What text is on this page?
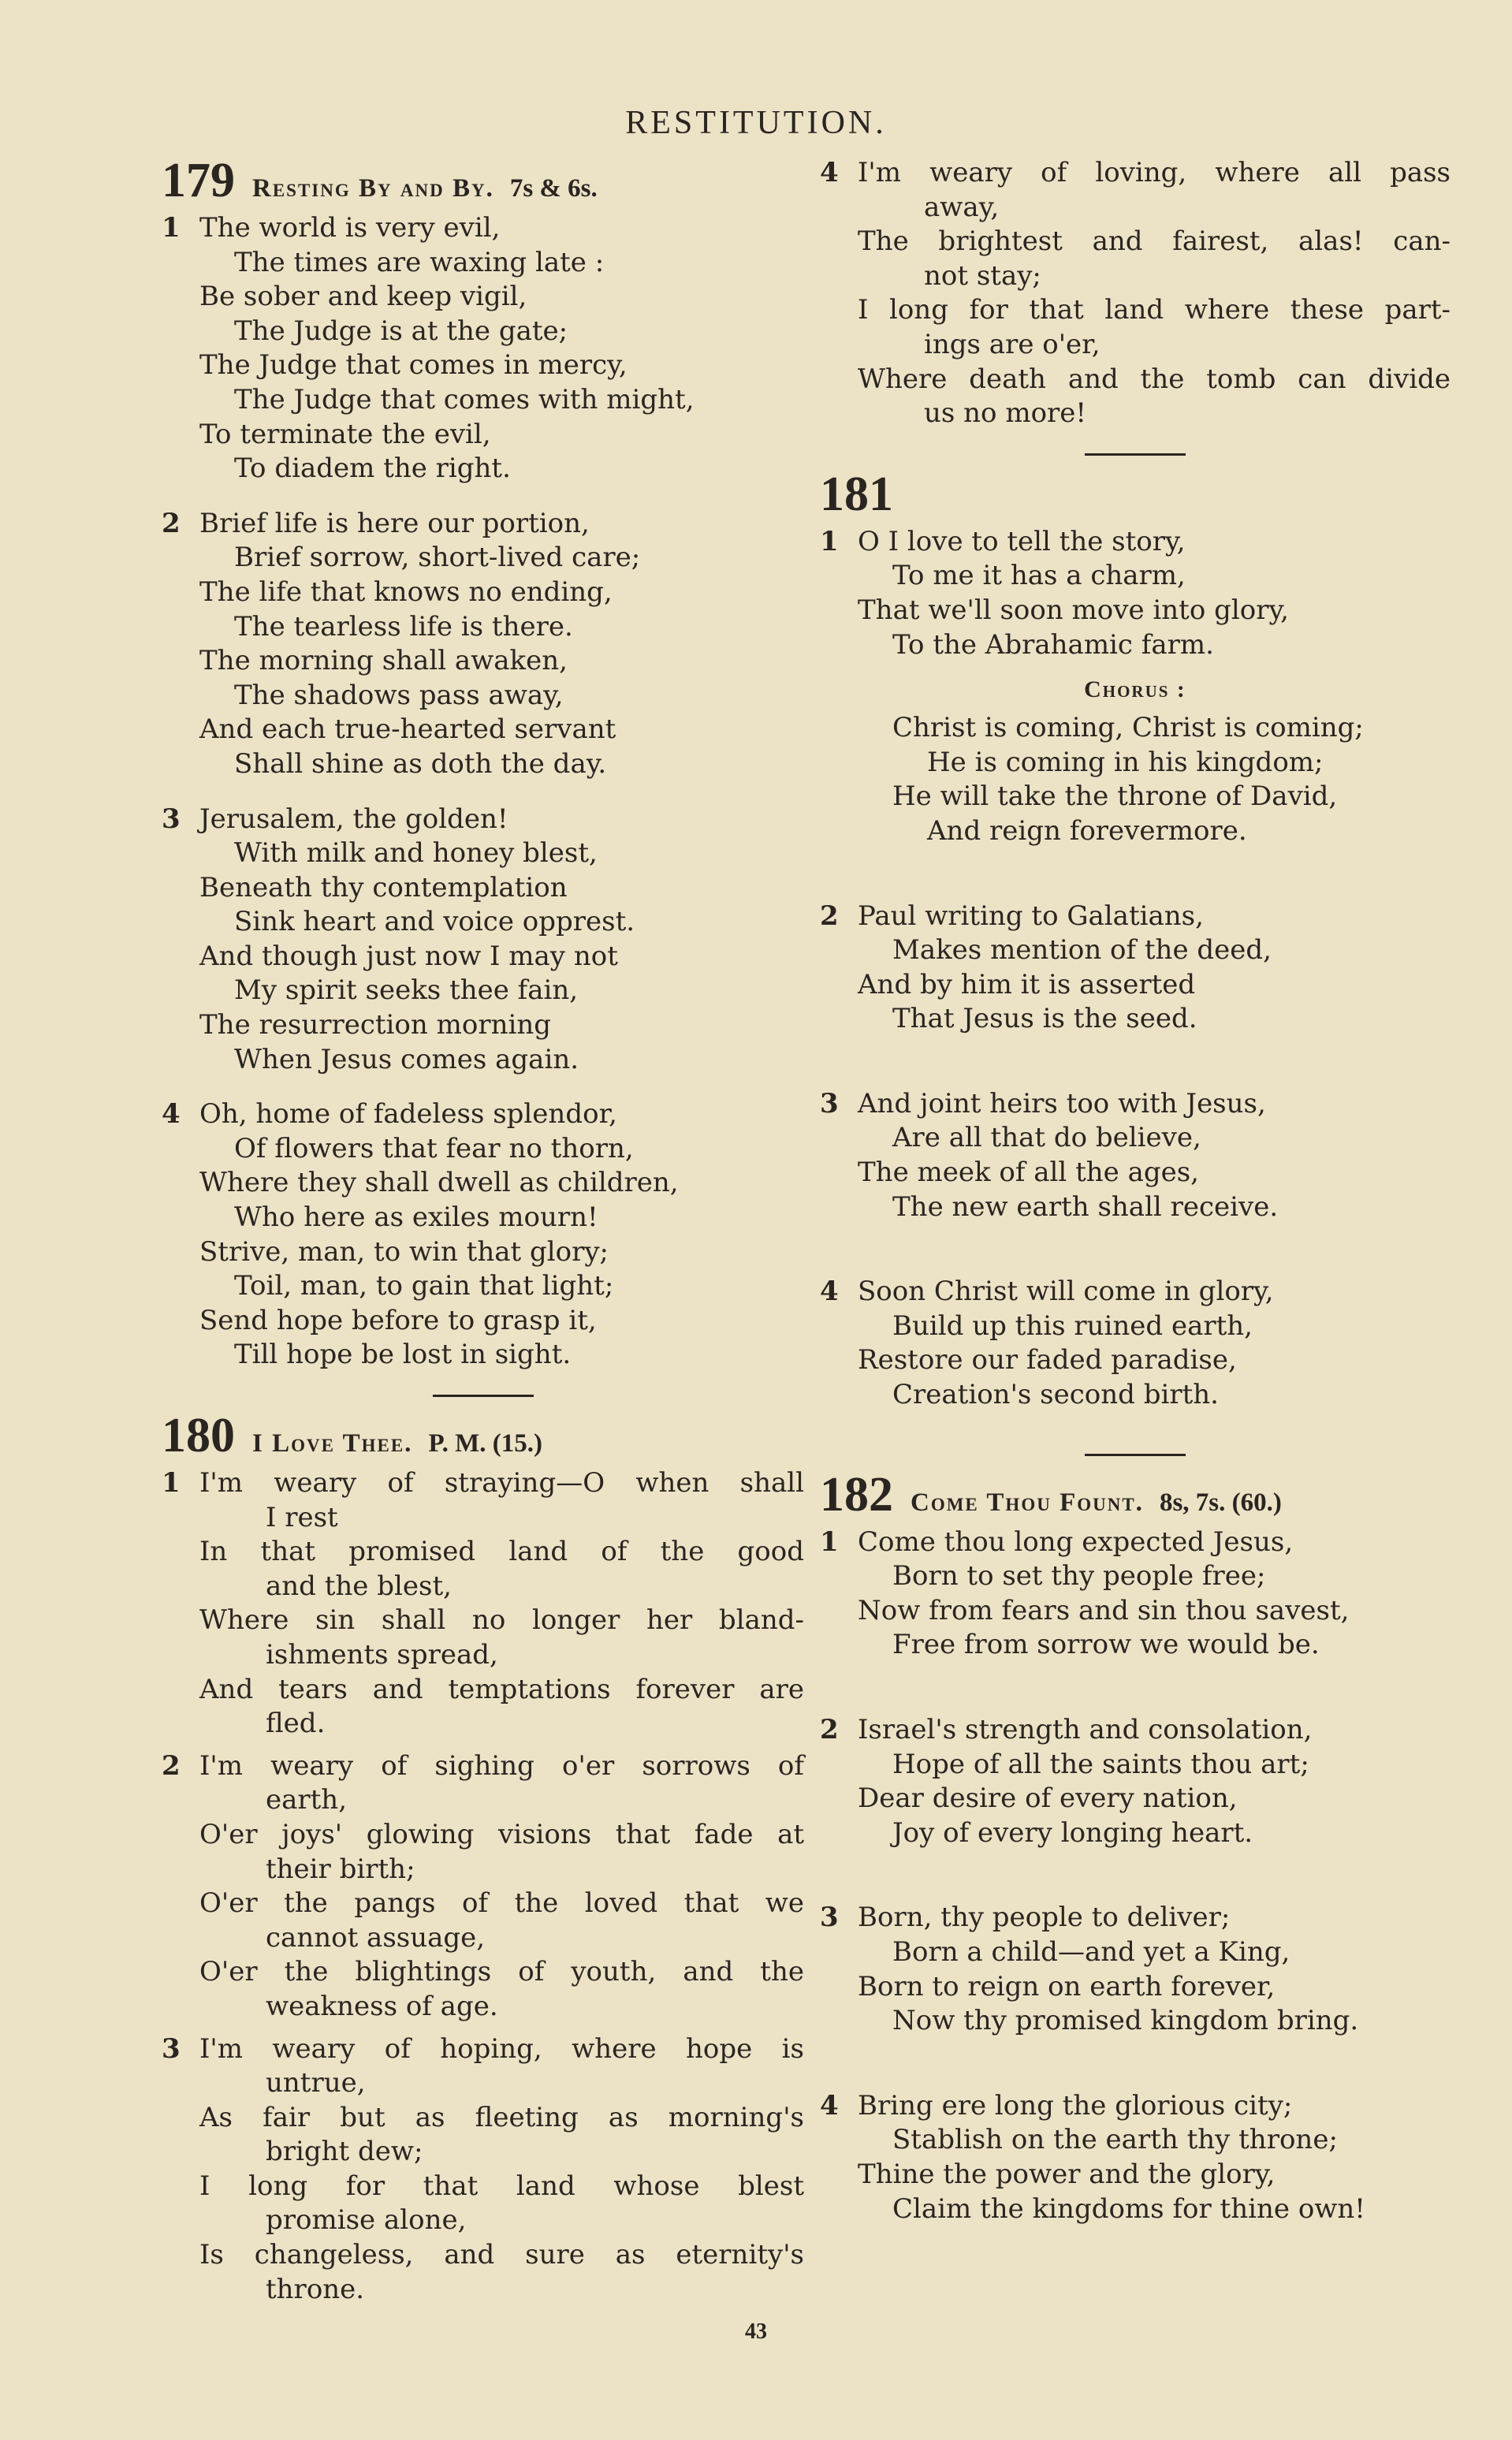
RESTITUTION.
179 Resting By and By. 7s & 6s.
1 The world is very evil,
The times are waxing late :
Be sober and keep vigil,
The Judge is at the gate;
The Judge that comes in mercy,
The Judge that comes with might,
To terminate the evil,
To diadem the right.
2 Brief life is here our portion,
Brief sorrow, short-lived care;
The life that knows no ending,
The tearless life is there.
The morning shall awaken,
The shadows pass away,
And each true-hearted servant
Shall shine as doth the day.
3 Jerusalem, the golden!
With milk and honey blest,
Beneath thy contemplation
Sink heart and voice opprest.
And though just now I may not
My spirit seeks thee fain,
The resurrection morning
When Jesus comes again.
4 Oh, home of fadeless splendor,
Of flowers that fear no thorn,
Where they shall dwell as children,
Who here as exiles mourn!
Strive, man, to win that glory;
Toil, man, to gain that light;
Send hope before to grasp it,
Till hope be lost in sight.
180 I Love Thee. P. M. (15.)
1 I'm weary of straying—O when shall
I rest
In that promised land of the good
and the blest,
Where sin shall no longer her bland-
ishments spread,
And tears and temptations forever are
fled.
2 I'm weary of sighing o'er sorrows of
earth,
O'er joys' glowing visions that fade at
their birth;
O'er the pangs of the loved that we
cannot assuage,
O'er the blightings of youth, and the
weakness of age.
3 I'm weary of hoping, where hope is
untrue,
As fair but as fleeting as morning's
bright dew;
I long for that land whose blest
promise alone,
Is changeless, and sure as eternity's
throne.
4 I'm weary of loving, where all pass
away,
The brightest and fairest, alas! can-
not stay;
I long for that land where these part-
ings are o'er,
Where death and the tomb can divide
us no more!
181
1 O I love to tell the story,
To me it has a charm,
That we'll soon move into glory,
To the Abrahamic farm.
Chorus :
Christ is coming, Christ is coming;
He is coming in his kingdom;
He will take the throne of David,
And reign forevermore.
2 Paul writing to Galatians,
Makes mention of the deed,
And by him it is asserted
That Jesus is the seed.
3 And joint heirs too with Jesus,
Are all that do believe,
The meek of all the ages,
The new earth shall receive.
4 Soon Christ will come in glory,
Build up this ruined earth,
Restore our faded paradise,
Creation's second birth.
182 Come Thou Fount. 8s, 7s. (60.)
1 Come thou long expected Jesus,
Born to set thy people free;
Now from fears and sin thou savest,
Free from sorrow we would be.
2 Israel's strength and consolation,
Hope of all the saints thou art;
Dear desire of every nation,
Joy of every longing heart.
3 Born, thy people to deliver;
Born a child—and yet a King,
Born to reign on earth forever,
Now thy promised kingdom bring.
4 Bring ere long the glorious city;
Stablish on the earth thy throne;
Thine the power and the glory,
Claim the kingdoms for thine own!
43
